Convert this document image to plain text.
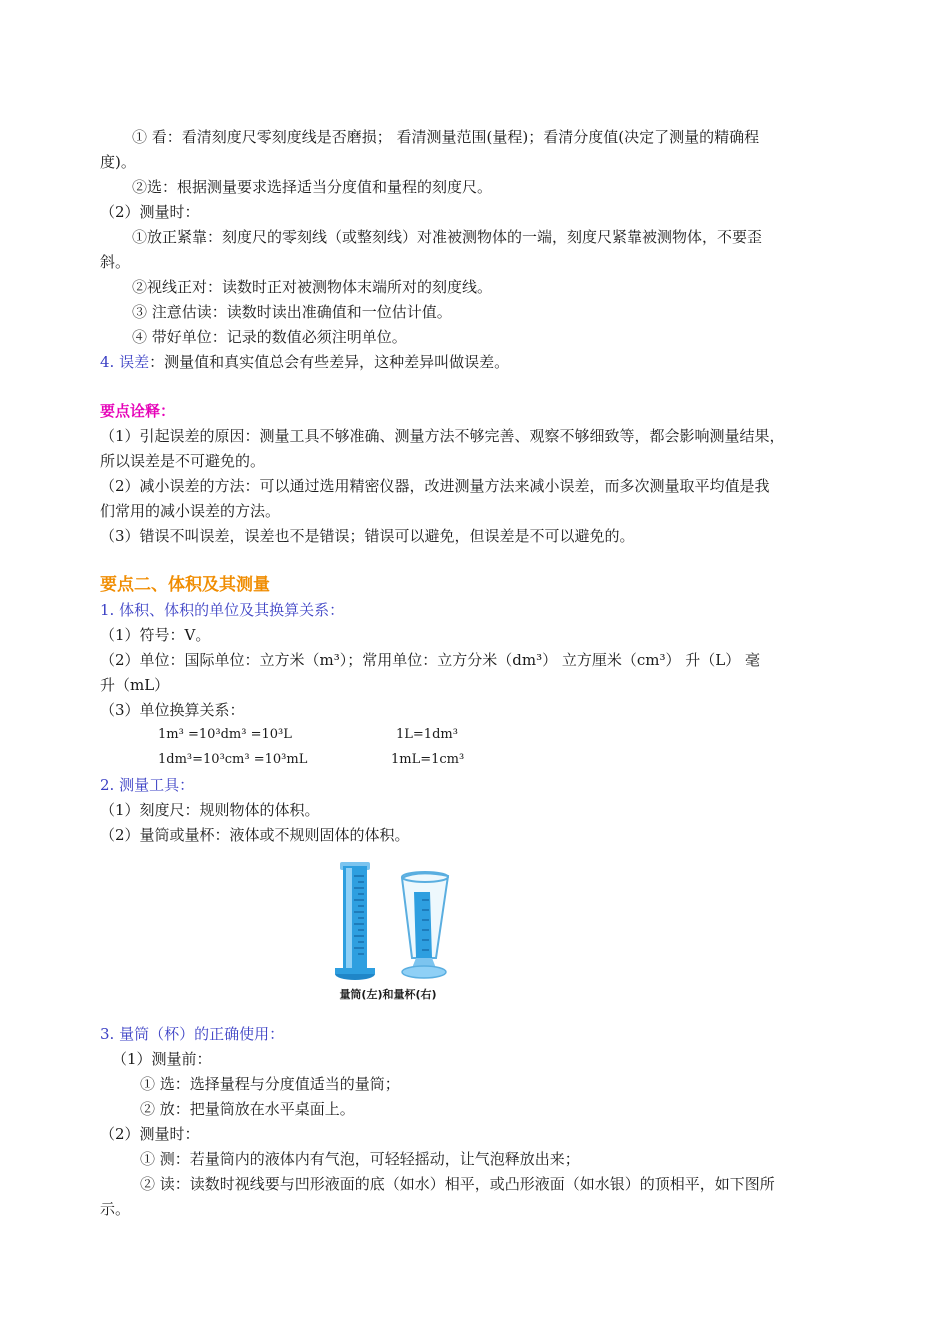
① 看：看清刻度尺零刻度线是否磨损； 看清测量范围(量程)；看清分度值(决定了测量的精确程
度)。
②选：根据测量要求选择适当分度值和量程的刻度尺。
（2）测量时：
①放正紧靠：刻度尺的零刻线（或整刻线）对准被测物体的一端，刻度尺紧靠被测物体，不要歪
斜。
②视线正对：读数时正对被测物体末端所对的刻度线。
③ 注意估读：读数时读出准确值和一位估计值。
④ 带好单位：记录的数值必须注明单位。
4. 误差：测量值和真实值总会有些差异，这种差异叫做误差。
要点诠释：
（1）引起误差的原因：测量工具不够准确、测量方法不够完善、观察不够细致等，都会影响测量结果，
所以误差是不可避免的。
（2）减小误差的方法：可以通过选用精密仪器，改进测量方法来减小误差，而多次测量取平均值是我
们常用的减小误差的方法。
（3）错误不叫误差，误差也不是错误；错误可以避免，但误差是不可以避免的。
要点二、体积及其测量
1. 体积、体积的单位及其换算关系：
（1）符号：V。
（2）单位：国际单位：立方米（m³）；常用单位：立方分米（dm³） 立方厘米（cm³） 升（L） 毫
升（mL）
（3）单位换算关系：
1m³ =10³dm³ =10³L	1L=1dm³
1dm³=10³cm³ =10³mL	1mL=1cm³
2. 测量工具：
（1）刻度尺：规则物体的体积。
（2）量筒或量杯：液体或不规则固体的体积。
量筒(左)和量杯(右)
3. 量筒（杯）的正确使用：
（1）测量前：
① 选：选择量程与分度值适当的量筒；
② 放：把量筒放在水平桌面上。
（2）测量时：
① 测：若量筒内的液体内有气泡，可轻轻摇动，让气泡释放出来；
② 读：读数时视线要与凹形液面的底（如水）相平，或凸形液面（如水银）的顶相平，如下图所
示。
